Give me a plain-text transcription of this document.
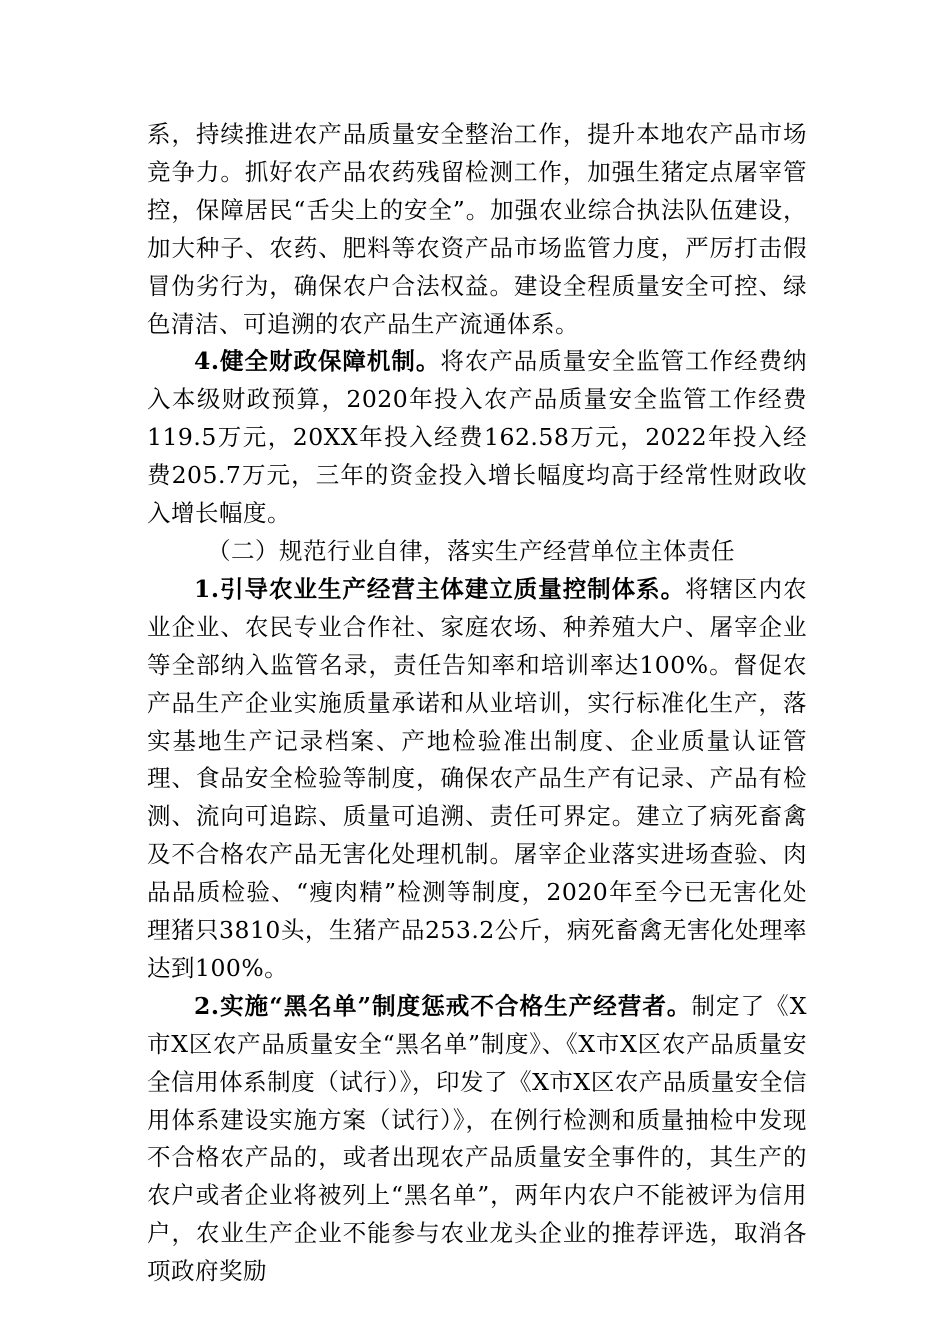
系，持续推进农产品质量安全整治工作，提升本地农产品市场竞争力。抓好农产品农药残留检测工作，加强生猪定点屠宰管控，保障居民“舌尖上的安全”。加强农业综合执法队伍建设，加大种子、农药、肥料等农资产品市场监管力度，严厉打击假冒伪劣行为，确保农户合法权益。建设全程质量安全可控、绿色清洁、可追溯的农产品生产流通体系。

4.健全财政保障机制。将农产品质量安全监管工作经费纳入本级财政预算，2020年投入农产品质量安全监管工作经费119.5万元，20XX年投入经费162.58万元，2022年投入经费205.7万元，三年的资金投入增长幅度均高于经常性财政收入增长幅度。

（二）规范行业自律，落实生产经营单位主体责任

1.引导农业生产经营主体建立质量控制体系。将辖区内农业企业、农民专业合作社、家庭农场、种养殖大户、屠宰企业等全部纳入监管名录，责任告知率和培训率达100%。督促农产品生产企业实施质量承诺和从业培训，实行标准化生产，落实基地生产记录档案、产地检验准出制度、企业质量认证管理、食品安全检验等制度，确保农产品生产有记录、产品有检测、流向可追踪、质量可追溯、责任可界定。建立了病死畜禽及不合格农产品无害化处理机制。屠宰企业落实进场查验、肉品品质检验、“瘦肉精”检测等制度，2020年至今已无害化处理猪只3810头，生猪产品253.2公斤，病死畜禽无害化处理率达到100%。

2.实施“黑名单”制度惩戒不合格生产经营者。制定了《X市X区农产品质量安全“黑名单”制度》、《X市X区农产品质量安全信用体系制度（试行）》，印发了《X市X区农产品质量安全信用体系建设实施方案（试行）》，在例行检测和质量抽检中发现不合格农产品的，或者出现农产品质量安全事件的，其生产的农户或者企业将被列上“黑名单”，两年内农户不能被评为信用户，农业生产企业不能参与农业龙头企业的推荐评选，取消各项政府奖励
